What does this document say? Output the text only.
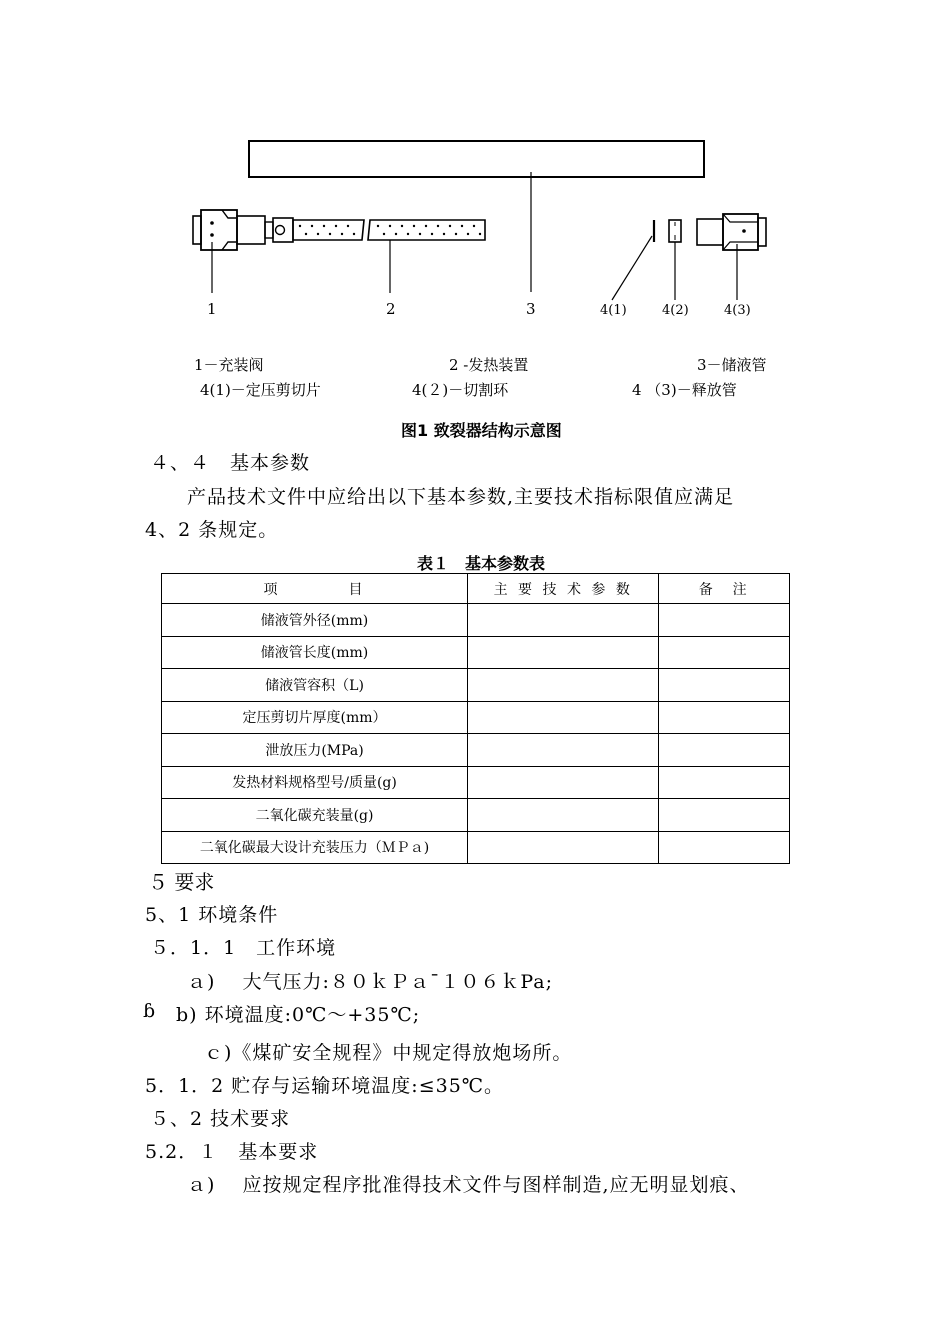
1	2	3	4(1)	4(2)	4(3)
1－充装阀	2 -发热装置	3－储液管
4(1)－定压剪切片	4(２)－切割环	4 （3)－释放管
图1 致裂器结构示意图
４、４　基本参数
产品技术文件中应给出以下基本参数,主要技术指标限值应满足
4、2 条规定。
表１　基本参数表
项　　　　目	主 要 技 术 参 数	备　注
储液管外径(mm)		
储液管长度(mm)		
储液管容积（L)		
定压剪切片厚度(mm）		
泄放压力(MPa)		
发热材料规格型号/质量(g)		
二氧化碳充装量(g)		
二氧化碳最大设计充装压力（ＭＰａ)		
５ 要求
5、1 环境条件
５．1．1　工作环境
ａ)　 大气压力:８０ｋＰａ¯１０６ｋPa;
ɓ b) 环境温度:0℃～+35℃;
ｃ)《煤矿安全规程》中规定得放炮场所。
5．1．2 贮存与运输环境温度:≤35℃。
５、2 技术要求
5.2．１　基本要求
ａ)　 应按规定程序批准得技术文件与图样制造,应无明显划痕、
